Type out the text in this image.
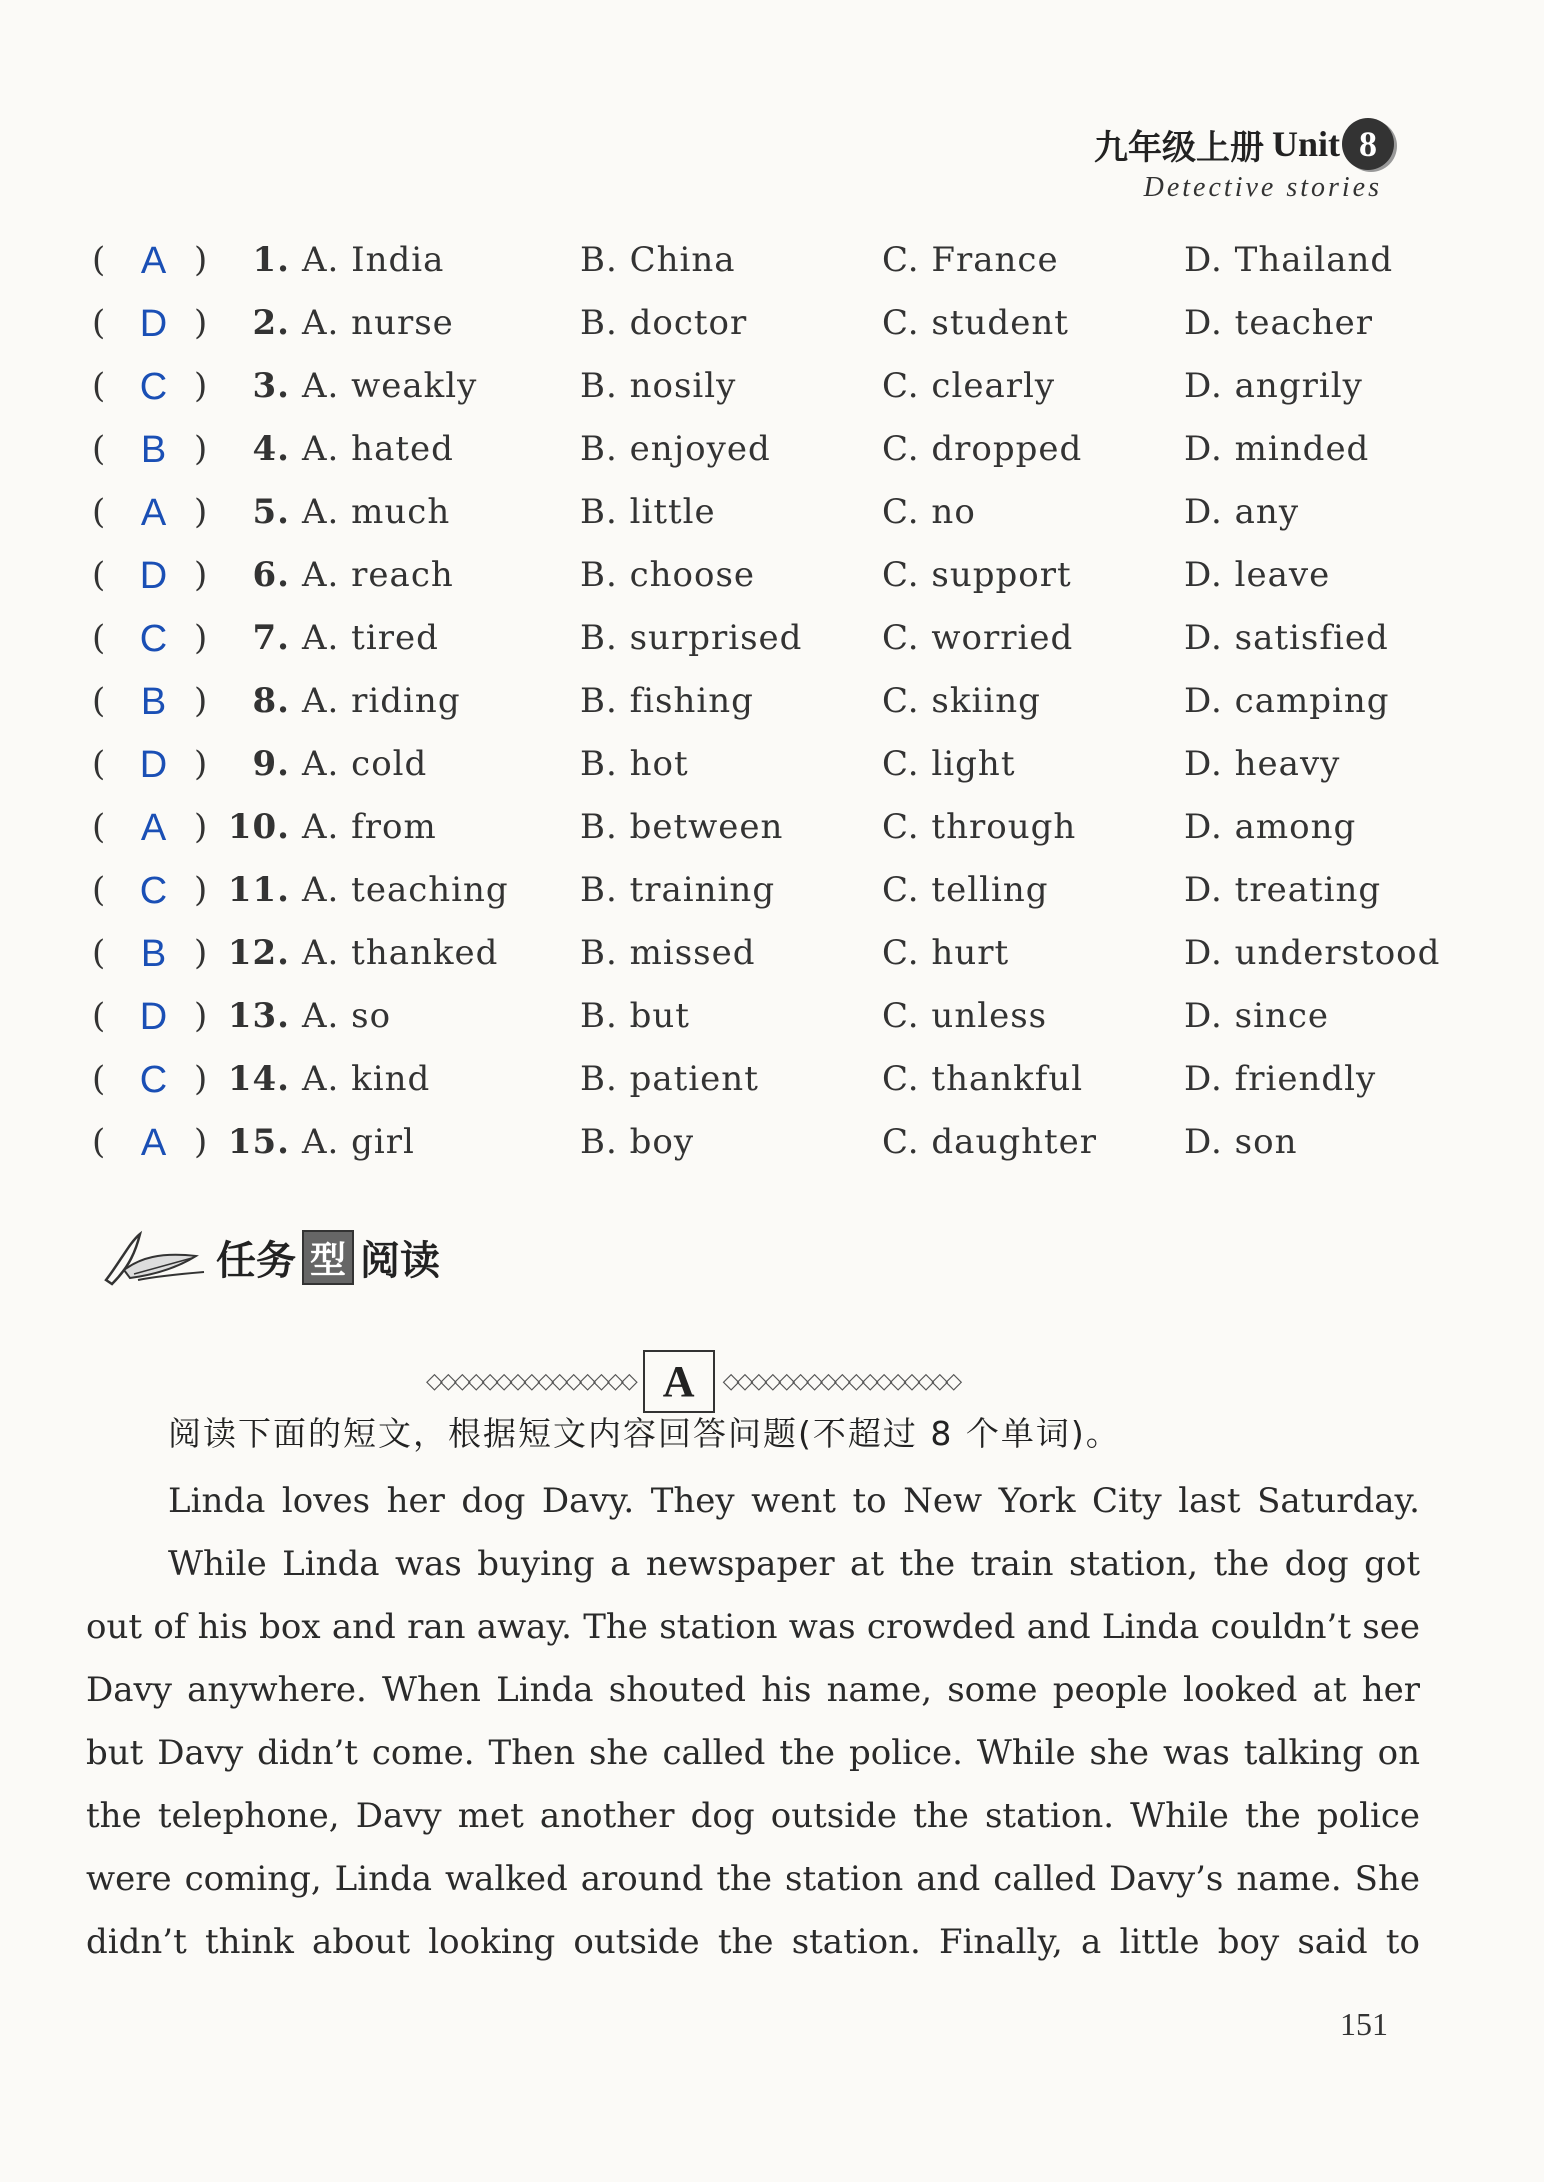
九年级上册 Unit 8
Detective stories
( A )	1. A. India	B. China	C. France	D. Thailand
( D )	2. A. nurse	B. doctor	C. student	D. teacher
( C )	3. A. weakly	B. nosily	C. clearly	D. angrily
( B )	4. A. hated	B. enjoyed	C. dropped	D. minded
( A )	5. A. much	B. little	C. no	D. any
( D )	6. A. reach	B. choose	C. support	D. leave
( C )	7. A. tired	B. surprised C. worried	D. satisfied
( B )	8. A. riding	B. fishing	C. skiing	D. camping
( D )	9. A. cold	B. hot	C. light	D. heavy
( A ) 10. A. from	B. between	C. through	D. among
( C ) 11. A. teaching B. training	C. telling	D. treating
( B ) 12. A. thanked B. missed	C. hurt	D. understood
( D ) 13. A. so	B. but	C. unless	D. since
( C ) 14. A. kind	B. patient	C. thankful	D. friendly
( A ) 15. A. girl	B. boy	C. daughter	D. son
任务 型 阅读
◇◇◇◇◇◇◇◇◇◇◇◇◇◇◇ A	◇◇◇◇◇◇◇◇◇◇◇◇◇◇◇◇◇
阅读下面的短文，根据短文内容回答问题(不超过 8 个单词)。
Linda loves her dog Davy. They went to New York City last Saturday.
While Linda was buying a newspaper at the train station, the dog got
out of his box and ran away. The station was crowded and Linda couldn’t see
Davy anywhere. When Linda shouted his name, some people looked at her
but Davy didn’t come. Then she called the police. While she was talking on
the telephone, Davy met another dog outside the station. While the police
were coming, Linda walked around the station and called Davy’s name. She
didn’t think about looking outside the station. Finally, a little boy said to
151
